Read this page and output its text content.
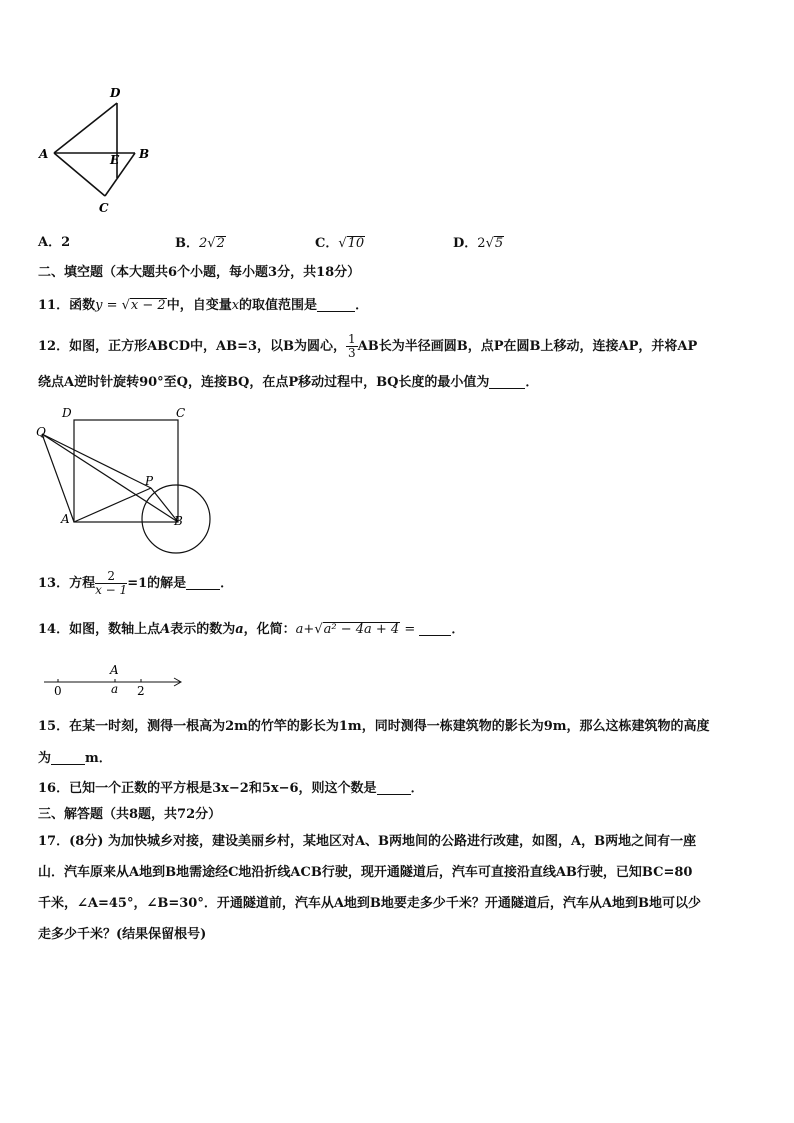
D
A	E B
C
A．2	B．2√2	C．√10	D．2√5
二、填空题（本大题共6个小题，每小题3分，共18分）
11．函数y = √x − 2中，自变量x的取值范围是	．
12．如图，正方形ABCD中，AB=3，以B为圆心， $\frac{1}{3}$ AB长为半径画圆B，点P在圆B上移动，连接AP，并将AP
绕点A逆时针旋转90°至Q，连接BQ，在点P移动过程中，BQ长度的最小值为	．
D	C
Q
P
A	B
13．方程 $\frac{2}{x - 1} =1$的解是	．
14．如图，数轴上点A表示的数为a，化简：a+√a² − 4a + 4 = ．
A
a
0	2
15．在某一时刻，测得一根高为2m的竹竿的影长为1m，同时测得一栋建筑物的影长为9m，那么这栋建筑物的高度
为	m．
16．已知一个正数的平方根是3x−2和5x−6，则这个数是	．
三、解答题（共8题，共72分）
17．(8分) 为加快城乡对接，建设美丽乡村，某地区对A、B两地间的公路进行改建，如图，A，B两地之间有一座
山．汽车原来从A地到B地需途经C地沿折线ACB行驶，现开通隧道后，汽车可直接沿直线AB行驶，已知BC=80
千米，∠A=45°，∠B=30°．开通隧道前，汽车从A地到B地要走多少千米？开通隧道后，汽车从A地到B地可以少
走多少千米？(结果保留根号)
